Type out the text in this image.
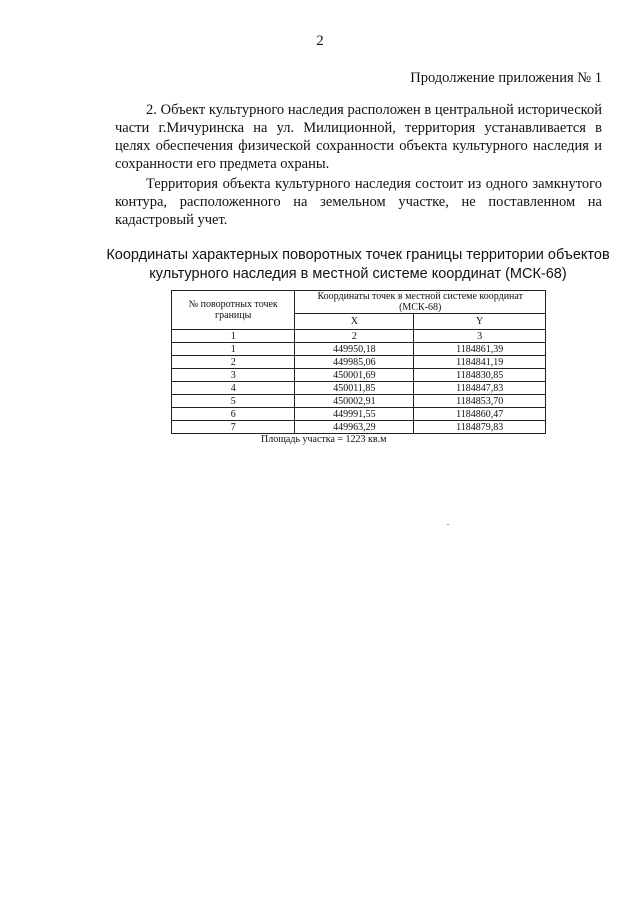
2
Продолжение приложения № 1

2. Объект культурного наследия расположен в центральной исторической части г.Мичуринска на ул. Милиционной, территория устанавливается в целях обеспечения физической сохранности объекта культурного наследия и сохранности его предмета охраны.

Территория объекта культурного наследия состоит из одного замкнутого контура, расположенного на земельном участке, не поставленном на кадастровый учет.

Координаты характерных поворотных точек границы территории объектов культурного наследия в местной системе координат (МСК-68)

№ поворотных точек границы	Координаты точек в местной системе координат (МСК-68)	
	X	Y
1	2	3
1	449950,18	1184861,39
2	449985,06	1184841,19
3	450001,69	1184830,85
4	450011,85	1184847,83
5	450002,91	1184853,70
6	449991,55	1184860,47
7	449963,29	1184879,83
Площадь участка = 1223 кв.м
